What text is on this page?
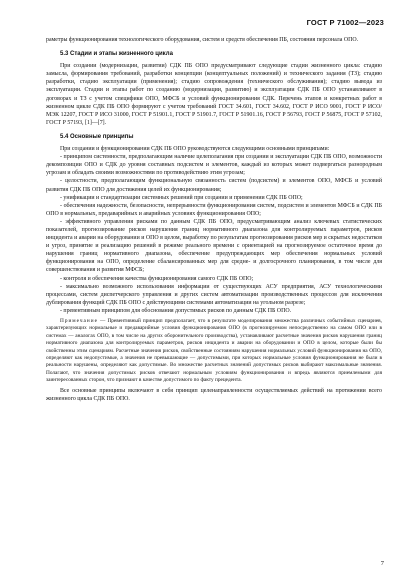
ГОСТ Р 71002—2023

раметры функционирования технологического оборудования, систем и средств обеспечения ПБ, состояния персонала ОПО.

5.3 Стадии и этапы жизненного цикла

При создании (модернизации, развитии) СДК ПБ ОПО предусматривают следующие стадии жизненного цикла: стадию замысла, формирования требований, разработки концепции (концептуальных положений) и технического задания (ТЗ); стадию разработки, стадию эксплуатации (применения); стадию сопровождения (технического обслуживания); стадию вывода из эксплуатации. Стадии и этапы работ по созданию (модернизации, развитию) и эксплуатации СДК ПБ ОПО устанавливают в договорах и ТЗ с учетом специфики ОПО, МФСБ и условий функционирования СДК. Перечень этапов и конкретных работ в жизненном цикле СДК ПБ ОПО формируют с учетом требований ГОСТ 34.601, ГОСТ 34.602, ГОСТ Р ИСО 9001, ГОСТ Р ИСО/МЭК 12207, ГОСТ Р ИСО 31000, ГОСТ Р 51901.1, ГОСТ Р 51901.7, ГОСТ Р 51901.16, ГОСТ Р 56793, ГОСТ Р 56875, ГОСТ Р 57102, ГОСТ Р 57193, [1]—[7].

5.4 Основные принципы

При создании и функционировании СДК ПБ ОПО руководствуются следующими основными принципами:

- принципом системности, предполагающим наличие целеполагания при создании и эксплуатации СДК ПБ ОПО, возможности декомпозиции ОПО и СДК до уровня составных подсистем и элементов, каждый из которых может подвергаться разнородным угрозам и обладать своими возможностями по противодействию этим угрозам;

- целостности, предполагающим функциональную связанность систем (подсистем) и элементов ОПО, МФСБ и условий развития СДК ПБ ОПО для достижения целей их функционирования;

- унификации и стандартизации системных решений при создании и применении СДК ПБ ОПО;

- обеспечения надежности, безопасности, непрерывности функционирования систем, подсистем и элементов МФСБ и СДК ПБ ОПО в нормальных, предаварийных и аварийных условиях функционирования ОПО;

- эффективного управления рисками по данным СДК ПБ ОПО, предусматривающим анализ ключевых статистических показателей, прогнозирование рисков нарушения границ нормативного диапазона для контролируемых параметров, рисков инцидента и аварии на оборудовании и ОПО в целом, выработку по результатам прогнозирования рисков мер и скрытых недостатков и угроз, принятие и реализацию решений в режиме реального времени с ориентацией на прогнозируемое остаточное время до нарушения границ нормативного диапазона, обеспечение предупреждающих мер обеспечения нормальных условий функционирования на ОПО, определение сбалансированных мер для средне- и долгосрочного планирования, в том числе для совершенствования и развития МФСБ;

- контроля и обеспечения качества функционирования самого СДК ПБ ОПО;

- максимально возможного использования информации от существующих АСУ предприятия, АСУ технологическими процессами, систем диспетчерского управления и других систем автоматизации производственных процессов для исключения дублирования функций СДК ПБ ОПО с действующими системами автоматизации на угольном разрезе;

- превентивным принципом для обоснования допустимых рисков по данным СДК ПБ ОПО.

Примечание — Превентивный принцип предполагает, что в результате моделирования множества различных событийных сценариев, характеризующих нормальные и предаварийные условия функционирования ОПО (в прогнозируемом непосредственно на самом ОПО или в системах — аналогах ОПО, в том числе на других оборонительного производства), устанавливают расчетные значения рисков нарушения границ нормативного диапазона для контролируемых параметров, рисков инцидента и аварии на оборудовании и ОПО в целом, которые были бы свойственны этим сценариям. Расчетные значения рисков, свойственные состояниям нарушения нормальных условий функционирования на ОПО, определяют как недопустимые, а значения не превышающие — допустимыми, при которых нормальные условия функционирования не были в реальности нарушены, определяют как допустимые. Во множестве расчетных значений допустимых рисков выбирают максимальные значения. Полагают, что значения допустимых рисков отвечают нормальным условиям функционирования и впредь являются приемлемыми для заинтересованных сторон, что признают в качестве допустимого по факту прецедента.

Все основные принципы включают в себя принцип целенаправленности осуществляемых действий на протяжении всего жизненного цикла СДК ПБ ОПО.

7
